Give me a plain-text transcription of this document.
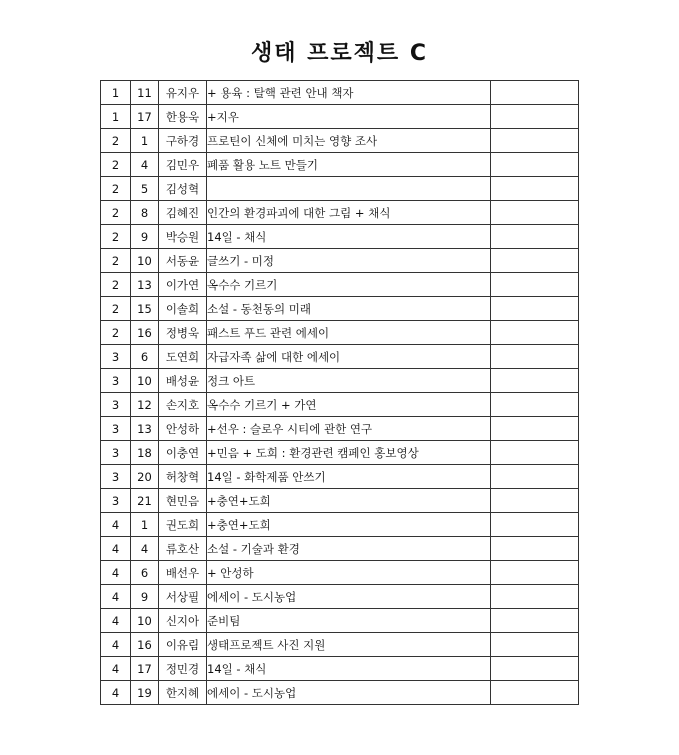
생태 프로젝트 C
1	11	유지우	+ 용육 : 탈핵 관련 안내 책자	
1	17	한용욱	+지우	
2	1	구하경	프로틴이 신체에 미치는 영향 조사	
2	4	김민우	폐품 활용 노트 만들기	
2	5	김성혁		
2	8	김혜진	인간의 환경파괴에 대한 그림 + 채식	
2	9	박승원	14일 - 채식	
2	10	서동윤	글쓰기 - 미정	
2	13	이가연	옥수수 기르기	
2	15	이솔희	소설 - 동천동의 미래	
2	16	정병욱	패스트 푸드 관련 에세이	
3	6	도연희	자급자족 삶에 대한 에세이	
3	10	배성윤	정크 아트	
3	12	손지호	옥수수 기르기 + 가연	
3	13	안성하	+선우 : 슬로우 시티에 관한 연구	
3	18	이충연	+민음 + 도희 : 환경관련 캠페인 홍보영상	
3	20	허창혁	14일 - 화학제품 안쓰기	
3	21	현민음	+충연+도희	
4	1	권도희	+충연+도희	
4	4	류호산	소설 - 기술과 환경	
4	6	배선우	+ 안성하	
4	9	서상필	에세이 - 도시농업	
4	10	신지아	준비팀	
4	16	이유림	생태프로젝트 사진 지원	
4	17	정민경	14일 - 채식	
4	19	한지혜	에세이 - 도시농업	
